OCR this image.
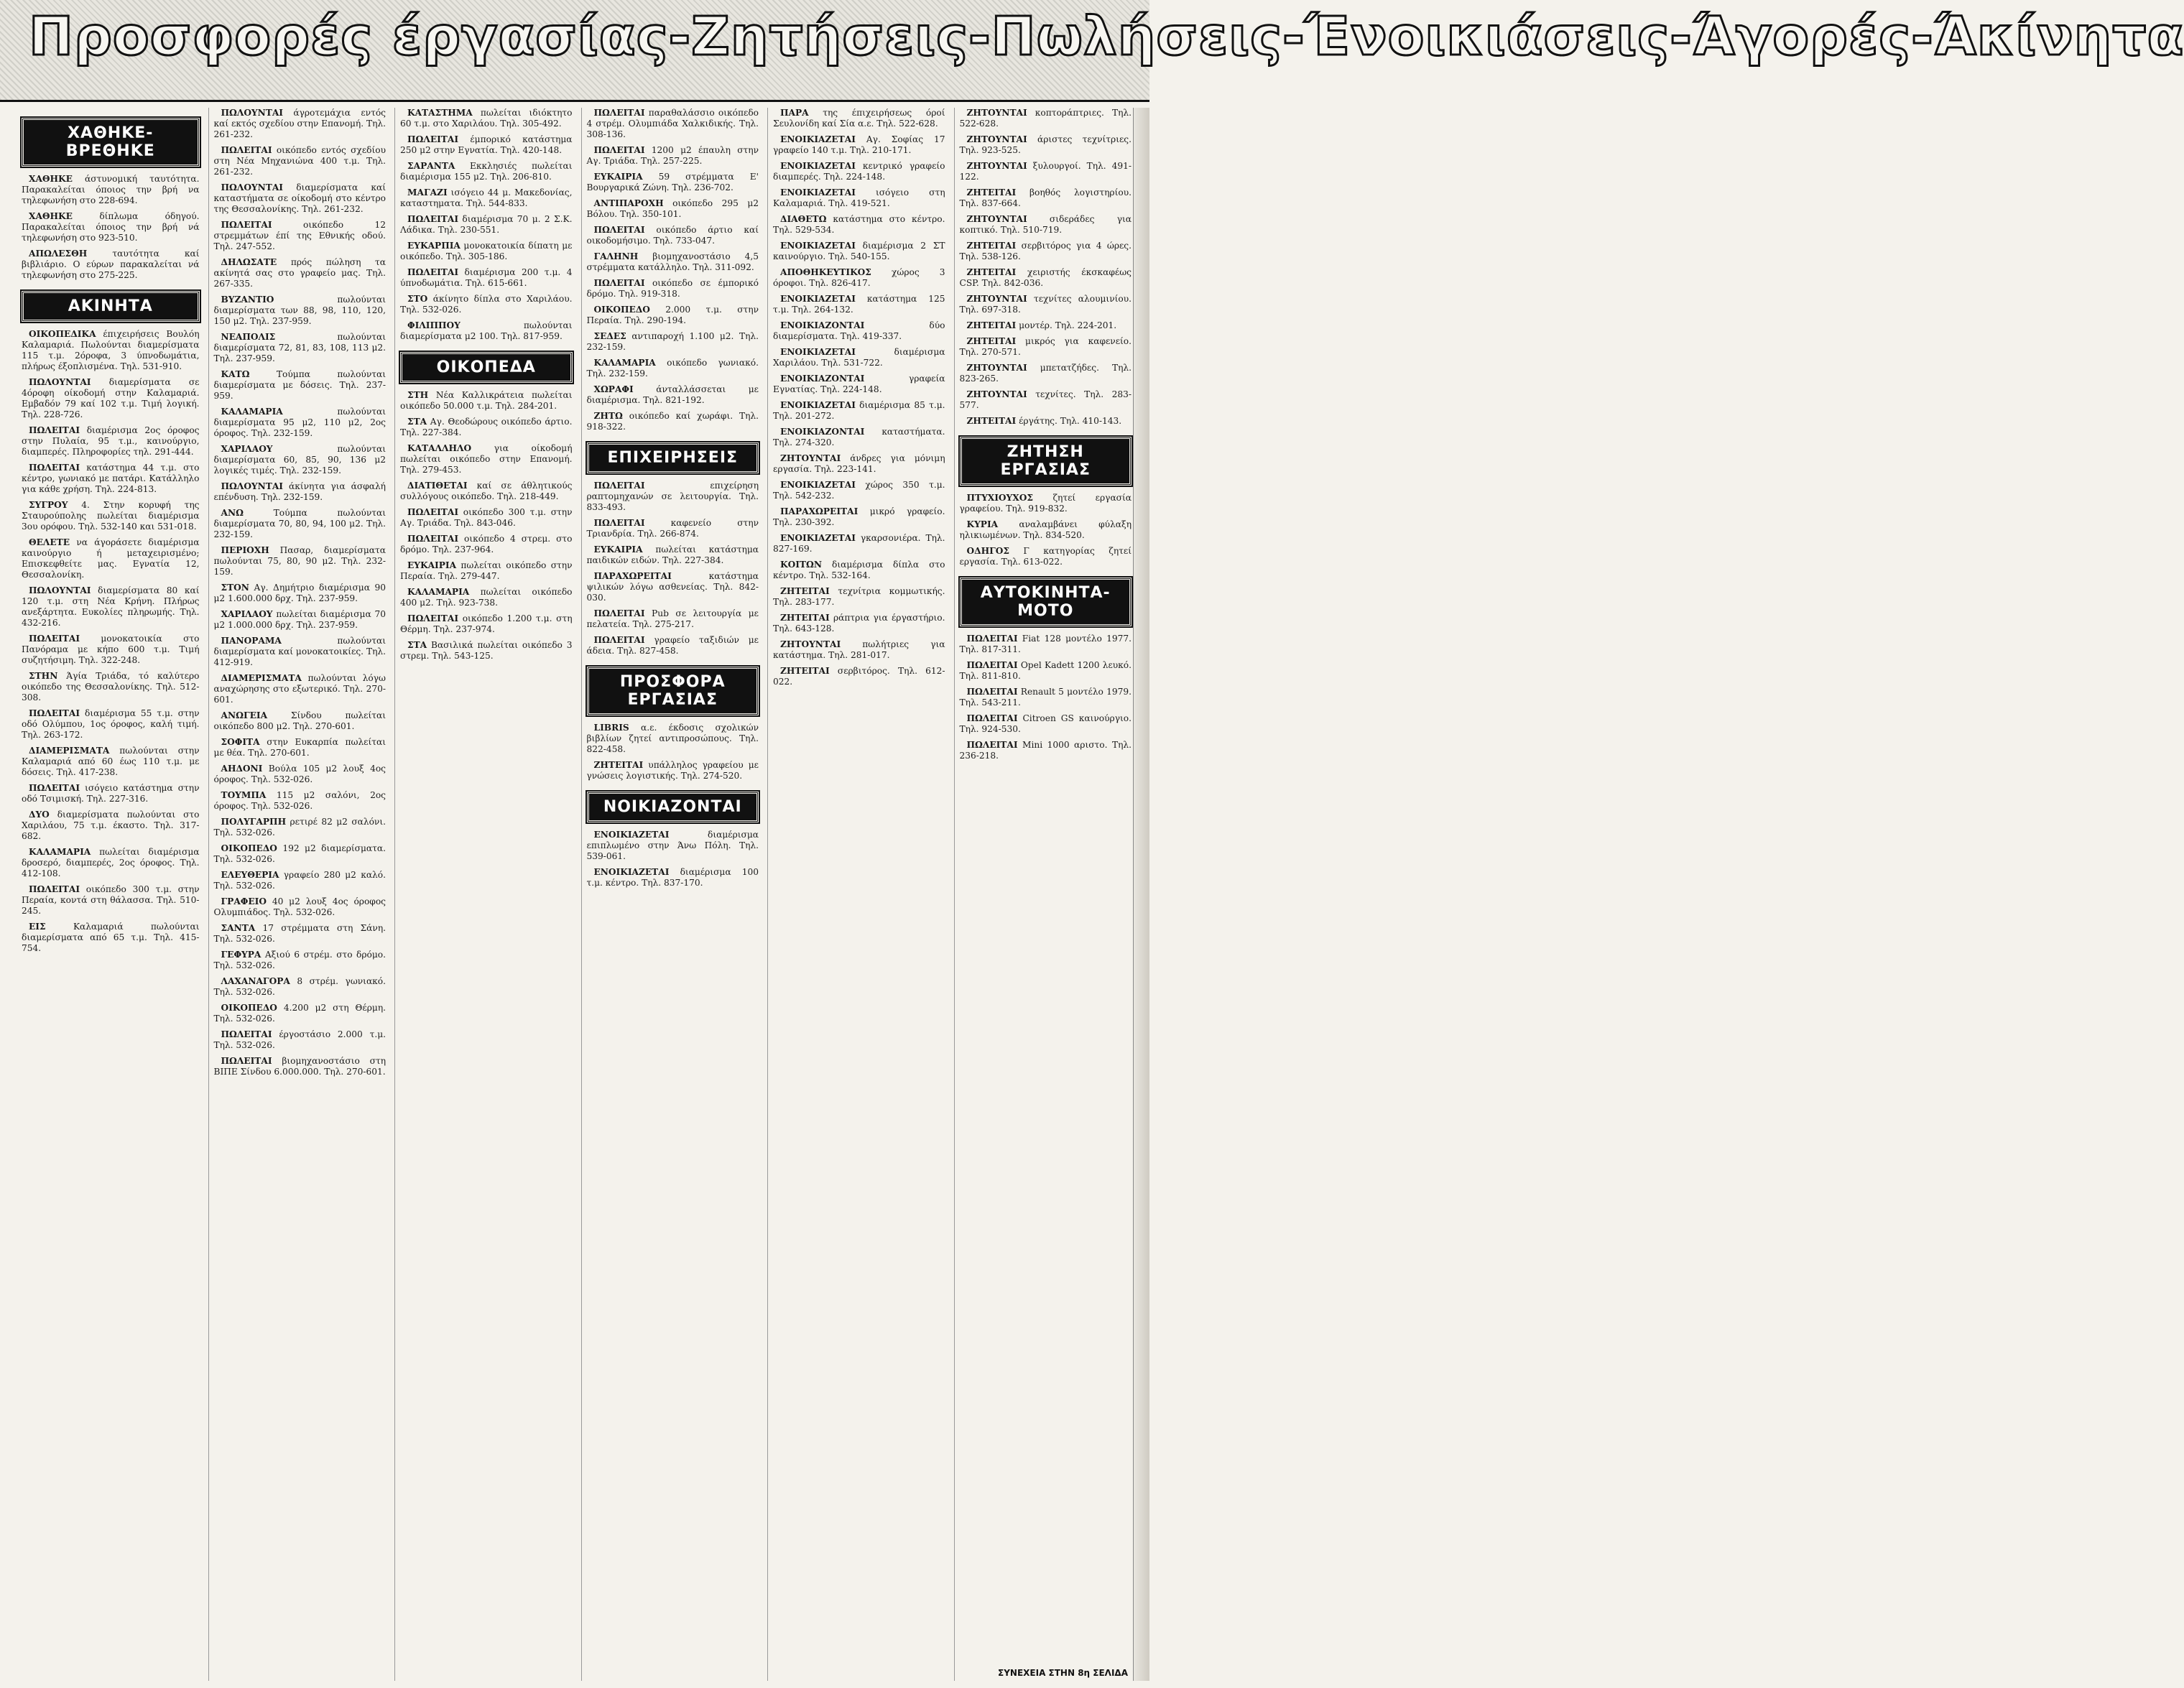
Προσφορές έργασίας-Ζητήσεις-Πωλήσεις-Ένοικιάσεις-Άγορές-Άκίνητα
ΧΑΘΗΚΕ-ΒΡΕΘΗΚΕ

ΧΑΘΗΚΕ άστυνομική ταυτότητα. Παρακαλείται όποιος την βρή να τηλεφωνήση στο 228-694.

ΧΑΘΗΚΕ	δίπλωμα όδηγού. Παρακαλείται όποιος την βρή νά τηλεφωνήση στο 923-510.

ΑΠΩΛΕΣΘΗ	ταυτότητα καί βιβλιάριο. Ο εύρων παρακαλείται νά τηλεφωνήση στο 275-225.

ΑΚΙΝΗΤΑ

ΟΙΚΟΠΕΔΙΚΑ έπιχειρήσεις Βουλόη Καλαμαριά. Πωλούνται διαμερίσματα 115 τ.μ. 2όροφα, 3 ύπνοδωμάτια, πλήρως έξοπλισμένα. Τηλ. 531-910.

ΠΩΛΟΥΝΤΑΙ διαμερίσματα σε 4όροφη οίκοδομή στην Καλαμαριά. Εμβαδόν 79 καί 102 τ.μ. Τιμή λογική. Τηλ. 228-726.

ΠΩΛΕΙΤΑΙ διαμέρισμα 2ος όροφος στην Πυλαία, 95 τ.μ., καινούργιο, διαμπερές. Πληροφορίες τηλ. 291-444.

ΠΩΛΕΙΤΑΙ κατάστημα 44 τ.μ. στο κέντρο, γωνιακό με πατάρι. Κατάλληλο για κάθε χρήση. Τηλ. 224-813.

ΣΥΓΡΟΥ 4. Στην κορυφή της Σταυρούπολης πωλείται διαμέρισμα 3ου ορόφου. Τηλ. 532-140 και 531-018.

ΘΕΛΕΤΕ να άγοράσετε διαμέρισμα καινούργιο ή μεταχειρισμένο; Επισκεφθείτε μας. Εγνατία 12, Θεσσαλονίκη.

ΠΩΛΟΥΝΤΑΙ διαμερίσματα 80 καί 120 τ.μ. στη Νέα Κρήνη. Πλήρως ανεξάρτητα. Ευκολίες πληρωμής. Τηλ. 432-216.

ΠΩΛΕΙΤΑΙ μονοκατοικία στο Πανόραμα με κήπο 600 τ.μ. Τιμή συζητήσιμη. Τηλ. 322-248.

ΣΤΗΝ Άγία Τριάδα, τό καλύτερο οικόπεδο της Θεσσαλονίκης. Τηλ. 512-308.

ΠΩΛΕΙΤΑΙ διαμέρισμα 55 τ.μ. στην οδό Ολύμπου, 1ος όροφος, καλή τιμή. Τηλ. 263-172.

ΔΙΑΜΕΡΙΣΜΑΤΑ πωλούνται στην Καλαμαριά από 60 έως 110 τ.μ. με δόσεις. Τηλ. 417-238.

ΠΩΛΕΙΤΑΙ ισόγειο κατάστημα στην οδό Τσιμισκή. Τηλ. 227-316.

ΔΥΟ διαμερίσματα πωλούνται στο Χαριλάου, 75 τ.μ. έκαστο. Τηλ. 317-682.

ΚΑΛΑΜΑΡΙΑ πωλείται διαμέρισμα δροσερό, διαμπερές, 2ος όροφος. Τηλ. 412-108.

ΠΩΛΕΙΤΑΙ οικόπεδο 300 τ.μ. στην Περαία, κοντά στη θάλασσα. Τηλ. 510-245.

ΕΙΣ	Καλαμαριά πωλούνται διαμερίσματα από 65 τ.μ. Τηλ. 415-754.

ΠΩΛΟΥΝΤΑΙ άγροτεμάχια εντός καί εκτός σχεδίου στην Επανομή. Τηλ. 261-232.

ΠΩΛΕΙΤΑΙ οικόπεδο εντός σχεδίου στη Νέα Μηχανιώνα 400 τ.μ. Τηλ. 261-232.

ΠΩΛΟΥΝΤΑΙ διαμερίσματα καί καταστήματα σε οίκοδομή στο κέντρο της Θεσσαλονίκης. Τηλ. 261-232.

ΠΩΛΕΙΤΑΙ	οικόπεδο 12 στρεμμάτων έπί της Εθνικής οδού. Τηλ. 247-552.

ΔΗΛΩΣΑΤΕ πρός πώληση τα ακίνητά σας στο γραφείο μας. Τηλ. 267-335.

ΒΥΖΑΝΤΙΟ	πωλούνται διαμερίσματα των 88, 98, 110, 120, 150 μ2. Τηλ. 237-959.

ΝΕΑΠΟΛΙΣ	πωλούνται διαμερίσματα 72, 81, 83, 108, 113 μ2. Τηλ. 237-959.

ΚΑΤΩ	Τούμπα πωλούνται διαμερίσματα με δόσεις. Τηλ. 237-959.

ΚΑΛΑΜΑΡΙΑ	πωλούνται διαμερίσματα 95 μ2, 110 μ2, 2ος όροφος. Τηλ. 232-159.

ΧΑΡΙΛΑΟΥ	πωλούνται διαμερίσματα 60, 85, 90, 136 μ2 λογικές τιμές. Τηλ. 232-159.

ΠΩΛΟΥΝΤΑΙ άκίνητα για άσφαλή επένδυση. Τηλ. 232-159.

ΑΝΩ	Τούμπα πωλούνται διαμερίσματα 70, 80, 94, 100 μ2. Τηλ. 232-159.

ΠΕΡΙΟΧΗ Πασαρ, διαμερίσματα πωλούνται 75, 80, 90 μ2. Τηλ. 232-159.

ΣΤΟΝ Αγ. Δημήτριο διαμέρισμα 90 μ2 1.600.000 δρχ. Τηλ. 237-959.

ΧΑΡΙΛΑΟΥ πωλείται διαμέρισμα 70 μ2 1.000.000 δρχ. Τηλ. 237-959.

ΠΑΝΟΡΑΜΑ	πωλούνται διαμερίσματα καί μονοκατοικίες. Τηλ. 412-919.

ΔΙΑΜΕΡΙΣΜΑΤΑ πωλούνται λόγω αναχώρησης στο εξωτερικό. Τηλ. 270-601.

ΑΝΩΓΕΙΑ	Σίνδου πωλείται οικόπεδο 800 μ2. Τηλ. 270-601.

ΣΟΦΙΤΑ στην Ευκαρπία πωλείται με θέα. Τηλ. 270-601.

ΑΗΔΟΝΙ Βούλα 105 μ2 λουξ 4ος όροφος. Τηλ. 532-026.

ΤΟΥΜΠΑ 115 μ2 σαλόνι, 2ος όροφος. Τηλ. 532-026.

ΠΟΛΥΓΑΡΠΗ ρετιρέ 82 μ2 σαλόνι. Τηλ. 532-026.

ΟΙΚΟΠΕΔΟ 192 μ2 διαμερίσματα. Τηλ. 532-026.

ΕΛΕΥΘΕΡΙΑ γραφείο 280 μ2 καλό. Τηλ. 532-026.

ΓΡΑΦΕΙΟ 40 μ2 λουξ 4ος όροφος Ολυμπιάδος. Τηλ. 532-026.

ΣΑΝΤΑ 17 στρέμματα στη Σάνη. Τηλ. 532-026.

ΓΕΦΥΡΑ Αξιού 6 στρέμ. στο δρόμο. Τηλ. 532-026.

ΛΑΧΑΝΑΓΟΡΑ 8 στρέμ. γωνιακό. Τηλ. 532-026.

ΟΙΚΟΠΕΔΟ 4.200 μ2 στη Θέρμη. Τηλ. 532-026.

ΠΩΛΕΙΤΑΙ έργοστάσιο 2.000 τ.μ. Τηλ. 532-026.

ΠΩΛΕΙΤΑΙ βιομηχανοστάσιο στη ΒΙΠΕ Σίνδου 6.000.000. Τηλ. 270-601.

ΚΑΤΑΣΤΗΜΑ πωλείται ιδιόκτητο 60 τ.μ. στο Χαριλάου. Τηλ. 305-492.

ΠΩΛΕΙΤΑΙ έμπορικό κατάστημα 250 μ2 στην Εγνατία. Τηλ. 420-148.

ΣΑΡΑΝΤΑ Εκκλησιές πωλείται διαμέρισμα 155 μ2. Τηλ. 206-810.

ΜΑΓΑΖΙ ισόγειο 44 μ. Μακεδονίας, καταστηματα. Τηλ. 544-833.

ΠΩΛΕΙΤΑΙ διαμέρισμα 70 μ. 2 Σ.Κ. Λάδικα. Τηλ. 230-551.

ΕΥΚΑΡΠΙΑ μονοκατοικία δίπατη με οικόπεδο. Τηλ. 305-186.

ΠΩΛΕΙΤΑΙ διαμέρισμα 200 τ.μ. 4 ύπνοδωμάτια. Τηλ. 615-661.

ΣΤΟ άκίνητο δίπλα στο Χαριλάου. Τηλ. 532-026.

ΦΙΛΙΠΠΟΥ	πωλούνται διαμερίσματα μ2 100. Τηλ. 817-959.

ΟΙΚΟΠΕΔΑ

ΣΤΗ Νέα Καλλικράτεια πωλείται οικόπεδο 50.000 τ.μ. Τηλ. 284-201.

ΣΤΑ Αγ. Θεοδώρους οικόπεδο άρτιο. Τηλ. 227-384.

ΚΑΤΑΛΛΗΛΟ	για οίκοδομή πωλείται οικόπεδο στην Επανομή. Τηλ. 279-453.

ΔΙΑΤΙΘΕΤΑΙ καί σε άθλητικούς συλλόγους οικόπεδο. Τηλ. 218-449.

ΠΩΛΕΙΤΑΙ οικόπεδο 300 τ.μ. στην Αγ. Τριάδα. Τηλ. 843-046.

ΠΩΛΕΙΤΑΙ οικόπεδο 4 στρεμ. στο δρόμο. Τηλ. 237-964.

ΕΥΚΑΙΡΙΑ πωλείται οικόπεδο στην Περαία. Τηλ. 279-447.

ΚΑΛΑΜΑΡΙΑ πωλείται οικόπεδο 400 μ2. Τηλ. 923-738.

ΠΩΛΕΙΤΑΙ οικόπεδο 1.200 τ.μ. στη Θέρμη. Τηλ. 237-974.

ΣΤΑ Βασιλικά πωλείται οικόπεδο 3 στρεμ. Τηλ. 543-125.

ΠΩΛΕΙΤΑΙ παραθαλάσσιο οικόπεδο 4 στρέμ. Ολυμπιάδα Χαλκιδικής. Τηλ. 308-136.

ΠΩΛΕΙΤΑΙ 1200 μ2 έπαυλη στην Αγ. Τριάδα. Τηλ. 257-225.

ΕΥΚΑΙΡΙΑ 59 στρέμματα Ε' Βουργαρικά Ζώνη. Τηλ. 236-702.

ΑΝΤΙΠΑΡΟΧΗ οικόπεδο 295 μ2 Βόλου. Τηλ. 350-101.

ΠΩΛΕΙΤΑΙ οικόπεδο άρτιο καί οικοδομήσιμο. Τηλ. 733-047.

ΓΑΛΗΝΗ βιομηχανοστάσιο 4,5 στρέμματα κατάλληλο. Τηλ. 311-092.

ΠΩΛΕΙΤΑΙ οικόπεδο σε έμπορικό δρόμο. Τηλ. 919-318.

ΟΙΚΟΠΕΔΟ 2.000 τ.μ. στην Περαία. Τηλ. 290-194.

ΣΕΔΕΣ αντιπαροχή 1.100 μ2. Τηλ. 232-159.

ΚΑΛΑΜΑΡΙΑ οικόπεδο γωνιακό. Τηλ. 232-159.

ΧΩΡΑΦΙ	άνταλλάσσεται με διαμέρισμα. Τηλ. 821-192.

ΖΗΤΩ οικόπεδο καί χωράφι. Τηλ. 918-322.

ΕΠΙΧΕΙΡΗΣΕΙΣ

ΠΩΛΕΙΤΑΙ	επιχείρηση ραπτομηχανών σε λειτουργία. Τηλ. 833-493.

ΠΩΛΕΙΤΑΙ	καφενείο στην Τριανδρία. Τηλ. 266-874.

ΕΥΚΑΙΡΙΑ πωλείται κατάστημα παιδικών ειδών. Τηλ. 227-384.

ΠΑΡΑΧΩΡΕΙΤΑΙ	κατάστημα ψιλικών λόγω ασθενείας. Τηλ. 842-030.

ΠΩΛΕΙΤΑΙ Pub σε λειτουργία με πελατεία. Τηλ. 275-217.

ΠΩΛΕΙΤΑΙ γραφείο ταξιδιών με άδεια. Τηλ. 827-458.

ΠΡΟΣΦΟΡΑ ΕΡΓΑΣΙΑΣ

LIBRIS α.ε. έκδοσις σχολικών βιβλίων ζητεί αντιπροσώπους. Τηλ. 822-458.

ΖΗΤΕΙΤΑΙ υπάλληλος γραφείου με γνώσεις λογιστικής. Τηλ. 274-520.

ΝΟΙΚΙΑΖΟΝΤΑΙ

ΕΝΟΙΚΙΑΖΕΤΑΙ	διαμέρισμα επιπλωμένο στην Άνω Πόλη. Τηλ. 539-061.

ΕΝΟΙΚΙΑΖΕΤΑΙ διαμέρισμα 100 τ.μ. κέντρο. Τηλ. 837-170.

ΠΑΡΑ της έπιχειρήσεως όροί Σευλονίδη καί Σία α.ε. Τηλ. 522-628.

ΕΝΟΙΚΙΑΖΕΤΑΙ Αγ. Σοφίας 17 γραφείο 140 τ.μ. Τηλ. 210-171.

ΕΝΟΙΚΙΑΖΕΤΑΙ κεντρικό γραφείο διαμπερές. Τηλ. 224-148.

ΕΝΟΙΚΙΑΖΕΤΑΙ ισόγειο στη Καλαμαριά. Τηλ. 419-521.

ΔΙΑΘΕΤΩ κατάστημα στο κέντρο. Τηλ. 529-534.

ΕΝΟΙΚΙΑΖΕΤΑΙ διαμέρισμα 2 ΣΤ καινούργιο. Τηλ. 540-155.

ΑΠΟΘΗΚΕΥΤΙΚΟΣ χώρος 3 όροφοι. Τηλ. 826-417.

ΕΝΟΙΚΙΑΖΕΤΑΙ κατάστημα 125 τ.μ. Τηλ. 264-132.

ΕΝΟΙΚΙΑΖΟΝΤΑΙ	δύο διαμερίσματα. Τηλ. 419-337.

ΕΝΟΙΚΙΑΖΕΤΑΙ	διαμέρισμα Χαριλάου. Τηλ. 531-722.

ΕΝΟΙΚΙΑΖΟΝΤΑΙ	γραφεία Εγνατίας. Τηλ. 224-148.

ΕΝΟΙΚΙΑΖΕΤΑΙ διαμέρισμα 85 τ.μ. Τηλ. 201-272.

ΕΝΟΙΚΙΑΖΟΝΤΑΙ καταστήματα. Τηλ. 274-320.

ΖΗΤΟΥΝΤΑΙ άνδρες για μόνιμη εργασία. Τηλ. 223-141.

ΕΝΟΙΚΙΑΖΕΤΑΙ χώρος 350 τ.μ. Τηλ. 542-232.

ΠΑΡΑΧΩΡΕΙΤΑΙ μικρό γραφείο. Τηλ. 230-392.

ΕΝΟΙΚΙΑΖΕΤΑΙ γκαρσονιέρα. Τηλ. 827-169.

ΚΟΙΤΩΝ διαμέρισμα δίπλα στο κέντρο. Τηλ. 532-164.

ΖΗΤΕΙΤΑΙ τεχνίτρια κομμωτικής. Τηλ. 283-177.

ΖΗΤΕΙΤΑΙ ράπτρια για έργαστήριο. Τηλ. 643-128.

ΖΗΤΟΥΝΤΑΙ πωλήτριες για κατάστημα. Τηλ. 281-017.

ΖΗΤΕΙΤΑΙ σερβιτόρος. Τηλ. 612-022.

ΖΗΤΟΥΝΤΑΙ κοπτοράπτριες. Τηλ. 522-628.

ΖΗΤΟΥΝΤΑΙ άριστες τεχνίτριες. Τηλ. 923-525.

ΖΗΤΟΥΝΤΑΙ ξυλουργοί. Τηλ. 491-122.

ΖΗΤΕΙΤΑΙ βοηθός λογιστηρίου. Τηλ. 837-664.

ΖΗΤΟΥΝΤΑΙ	σιδεράδες για κοπτικό. Τηλ. 510-719.

ΖΗΤΕΙΤΑΙ σερβιτόρος για 4 ώρες. Τηλ. 538-126.

ΖΗΤΕΙΤΑΙ χειριστής έκσκαφέως CSP. Τηλ. 842-036.

ΖΗΤΟΥΝΤΑΙ τεχνίτες αλουμινίου. Τηλ. 697-318.

ΖΗΤΕΙΤΑΙ μοντέρ. Τηλ. 224-201.

ΖΗΤΕΙΤΑΙ μικρός για καφενείο. Τηλ. 270-571.

ΖΗΤΟΥΝΤΑΙ μπετατζήδες. Τηλ. 823-265.

ΖΗΤΟΥΝΤΑΙ τεχνίτες. Τηλ. 283-577.

ΖΗΤΕΙΤΑΙ έργάτης. Τηλ. 410-143.

ΖΗΤΗΣΗ ΕΡΓΑΣΙΑΣ

ΠΤΥΧΙΟΥΧΟΣ ζητεί εργασία γραφείου. Τηλ. 919-832.

ΚΥΡΙΑ αναλαμβάνει φύλαξη ηλικιωμένων. Τηλ. 834-520.

ΟΔΗΓΟΣ Γ κατηγορίας ζητεί εργασία. Τηλ. 613-022.

ΑΥΤΟΚΙΝΗΤΑ-ΜΟΤΟ

ΠΩΛΕΙΤΑΙ Fiat 128 μοντέλο 1977. Τηλ. 817-311.

ΠΩΛΕΙΤΑΙ Opel Kadett 1200 λευκό. Τηλ. 811-810.

ΠΩΛΕΙΤΑΙ Renault 5 μοντέλο 1979. Τηλ. 543-211.

ΠΩΛΕΙΤΑΙ Citroen GS καινούργιο. Τηλ. 924-530.

ΠΩΛΕΙΤΑΙ Mini 1000 αριστο. Τηλ. 236-218.

ΣΥΝΕΧΕΙΑ ΣΤΗΝ 8η ΣΕΛΙΔΑ
